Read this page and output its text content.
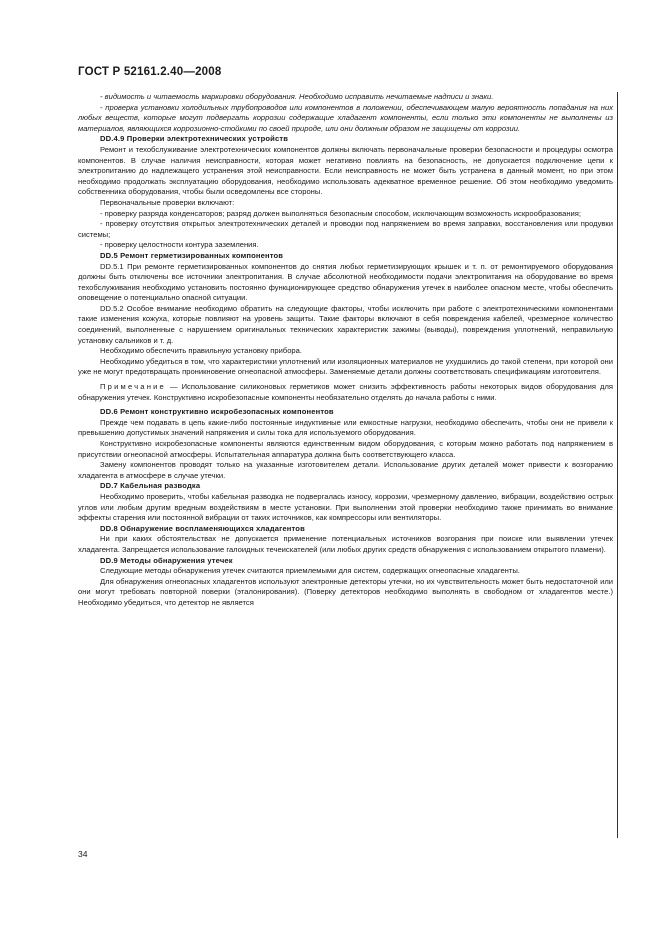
ГОСТ Р 52161.2.40—2008

- видимость и читаемость маркировки оборудования. Необходимо исправить нечитаемые надписи и знаки.

- проверка установки холодильных трубопроводов или компонентов в положении, обеспечивающем малую вероятность попадания на них любых веществ, которые могут подвергать коррозии содержащие хладагент компоненты, если только эти компоненты не выполнены из материалов, являющихся коррозионно-стойкими по своей природе, или они должным образом не защищены от коррозии.

DD.4.9 Проверки электротехнических устройств

Ремонт и техобслуживание электротехнических компонентов должны включать первоначальные проверки безопасности и процедуры осмотра компонентов. В случае наличия неисправности, которая может негативно повлиять на безопасность, не допускается подключение цепи к электропитанию до надлежащего устранения этой неисправности. Если неисправность не может быть устранена в данный момент, но при этом необходимо продолжать эксплуатацию оборудования, необходимо использовать адекватное временное решение. Об этом необходимо уведомить собственника оборудования, чтобы были осведомлены все стороны.

Первоначальные проверки включают:

- проверку разряда конденсаторов; разряд должен выполняться безопасным способом, исключающим возможность искрообразования;

- проверку отсутствия открытых электротехнических деталей и проводки под напряжением во время заправки, восстановления или продувки системы;

- проверку целостности контура заземления.

DD.5 Ремонт герметизированных компонентов

DD.5.1 При ремонте герметизированных компонентов до снятия любых герметизирующих крышек и т. п. от ремонтируемого оборудования должны быть отключены все источники электропитания. В случае абсолютной необходимости подачи электропитания на оборудование во время техобслуживания необходимо установить постоянно функционирующее средство обнаружения утечек в наиболее опасном месте, чтобы обеспечить оповещение о потенциально опасной ситуации.

DD.5.2 Особое внимание необходимо обратить на следующие факторы, чтобы исключить при работе с электротехническими компонентами такие изменения кожуха, которые повлияют на уровень защиты. Такие факторы включают в себя повреждения кабелей, чрезмерное количество соединений, выполненные с нарушением оригинальных технических характеристик зажимы (выводы), повреждения уплотнений, неправильную установку сальников и т. д.

Необходимо обеспечить правильную установку прибора.

Необходимо убедиться в том, что характеристики уплотнений или изоляционных материалов не ухудшились до такой степени, при которой они уже не могут предотвращать проникновение огнеопасной атмосферы. Заменяемые детали должны соответствовать спецификациям изготовителя.

Примечание — Использование силиконовых герметиков может снизить эффективность работы некоторых видов оборудования для обнаружения утечек. Конструктивно искробезопасные компоненты необязательно отделять до начала работы с ними.

DD.6 Ремонт конструктивно искробезопасных компонентов

Прежде чем подавать в цепь какие-либо постоянные индуктивные или емкостные нагрузки, необходимо обеспечить, чтобы они не привели к превышению допустимых значений напряжения и силы тока для используемого оборудования.

Конструктивно искробезопасные компоненты являются единственным видом оборудования, с которым можно работать под напряжением в присутствии огнеопасной атмосферы. Испытательная аппаратура должна быть соответствующего класса.

Замену компонентов проводят только на указанные изготовителем детали. Использование других деталей может привести к возгоранию хладагента в атмосфере в случае утечки.

DD.7 Кабельная разводка

Необходимо проверить, чтобы кабельная разводка не подвергалась износу, коррозии, чрезмерному давлению, вибрации, воздействию острых углов или любым другим вредным воздействиям в месте установки. При выполнении этой проверки необходимо также принимать во внимание эффекты старения или постоянной вибрации от таких источников, как компрессоры или вентиляторы.

DD.8 Обнаружение воспламеняющихся хладагентов

Ни при каких обстоятельствах не допускается применение потенциальных источников возгорания при поиске или выявлении утечек хладагента. Запрещается использование галоидных течеискателей (или любых других средств обнаружения с использованием открытого пламени).

DD.9 Методы обнаружения утечек

Следующие методы обнаружения утечек считаются приемлемыми для систем, содержащих огнеопасные хладагенты.

Для обнаружения огнеопасных хладагентов используют электронные детекторы утечки, но их чувствительность может быть недостаточной или они могут требовать повторной поверки (эталонирования). (Поверку детекторов необходимо выполнять в свободном от хладагентов месте.) Необходимо убедиться, что детектор не является

34
